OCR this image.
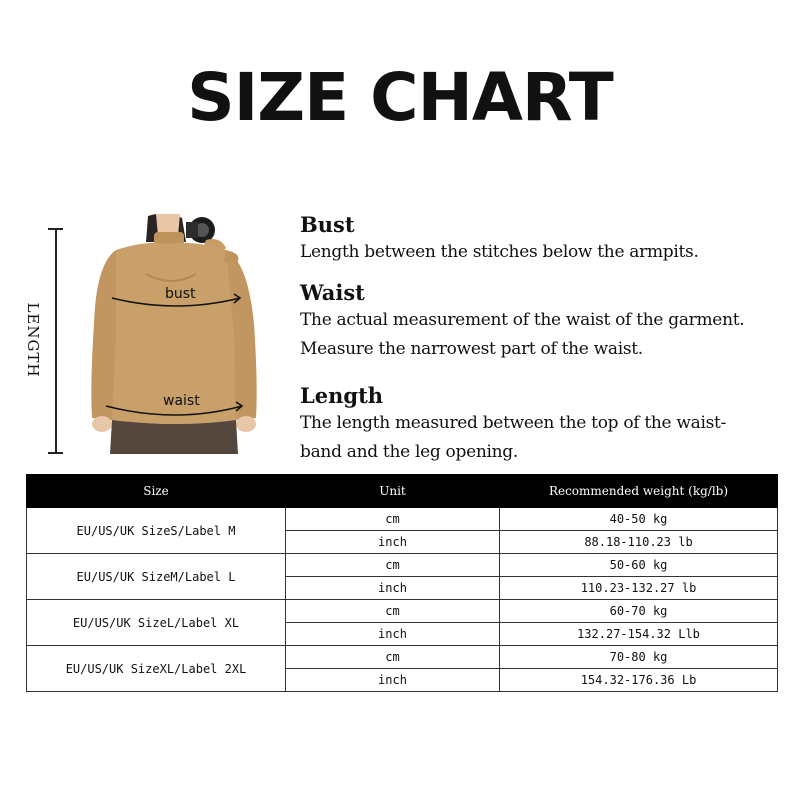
SIZE CHART
LENGTH
bust
waist
Bust

Length between the stitches below the armpits.

Waist

The actual measurement of the waist of the garment.

Measure the narrowest part of the waist.

Length

The length measured between the top of the waist-

band and the leg opening.

Size	Unit	Recommended weight (kg/lb)
EU/US/UK SizeS/Label M	cm	40-50 kg
	inch	88.18-110.23 lb
EU/US/UK SizeM/Label L	cm	50-60 kg
	inch	110.23-132.27 lb
EU/US/UK SizeL/Label XL	cm	60-70 kg
	inch	132.27-154.32 Llb
EU/US/UK SizeXL/Label 2XL	cm	70-80 kg
	inch	154.32-176.36 Lb
